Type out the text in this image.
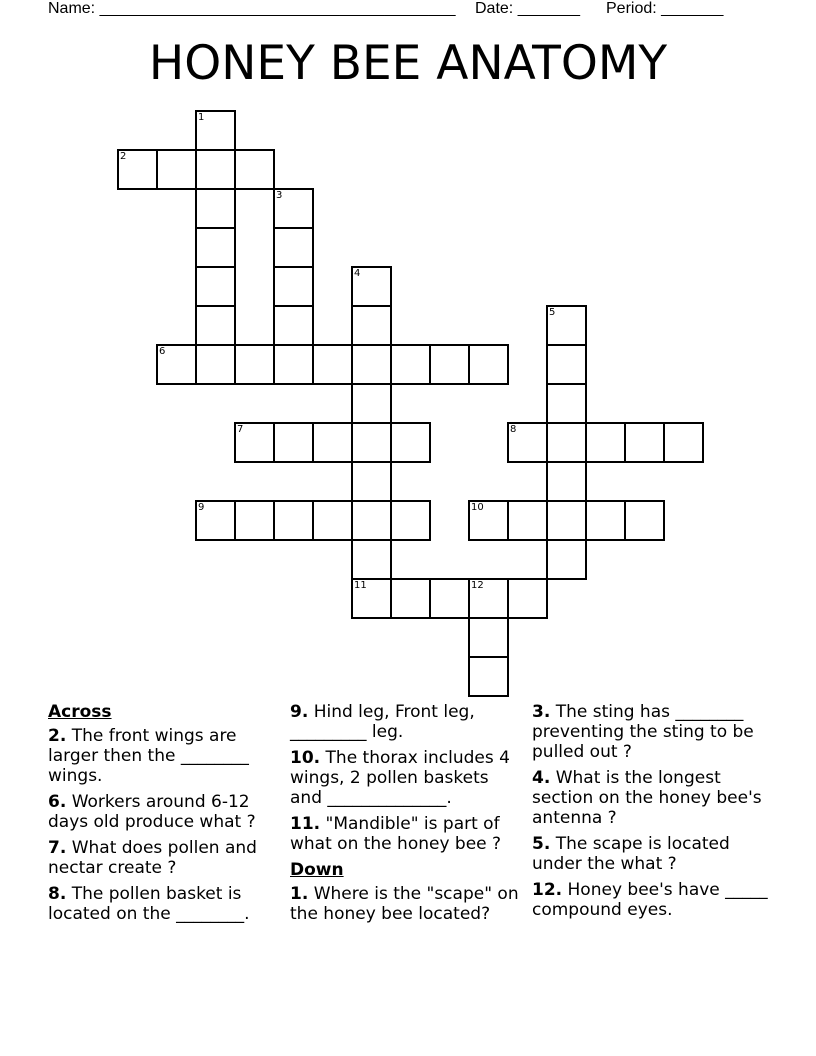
Name: ________________________________________ Date: _______ Period: _______
HONEY BEE ANATOMY
1
2
3
4
5
6
7	8
9	10
11	12
Across
2. The front wings are larger then the ________ wings.
6. Workers around 6-12 days old produce what ?
7. What does pollen and nectar create ?
8. The pollen basket is located on the ________.
9. Hind leg, Front leg, _________ leg.
10. The thorax includes 4 wings, 2 pollen baskets and ______________.
11. "Mandible" is part of what on the honey bee ?
Down
1. Where is the "scape" on the honey bee located?
3. The sting has ________ preventing the sting to be pulled out ?
4. What is the longest section on the honey bee's antenna ?
5. The scape is located under the what ?
12. Honey bee's have _____ compound eyes.
